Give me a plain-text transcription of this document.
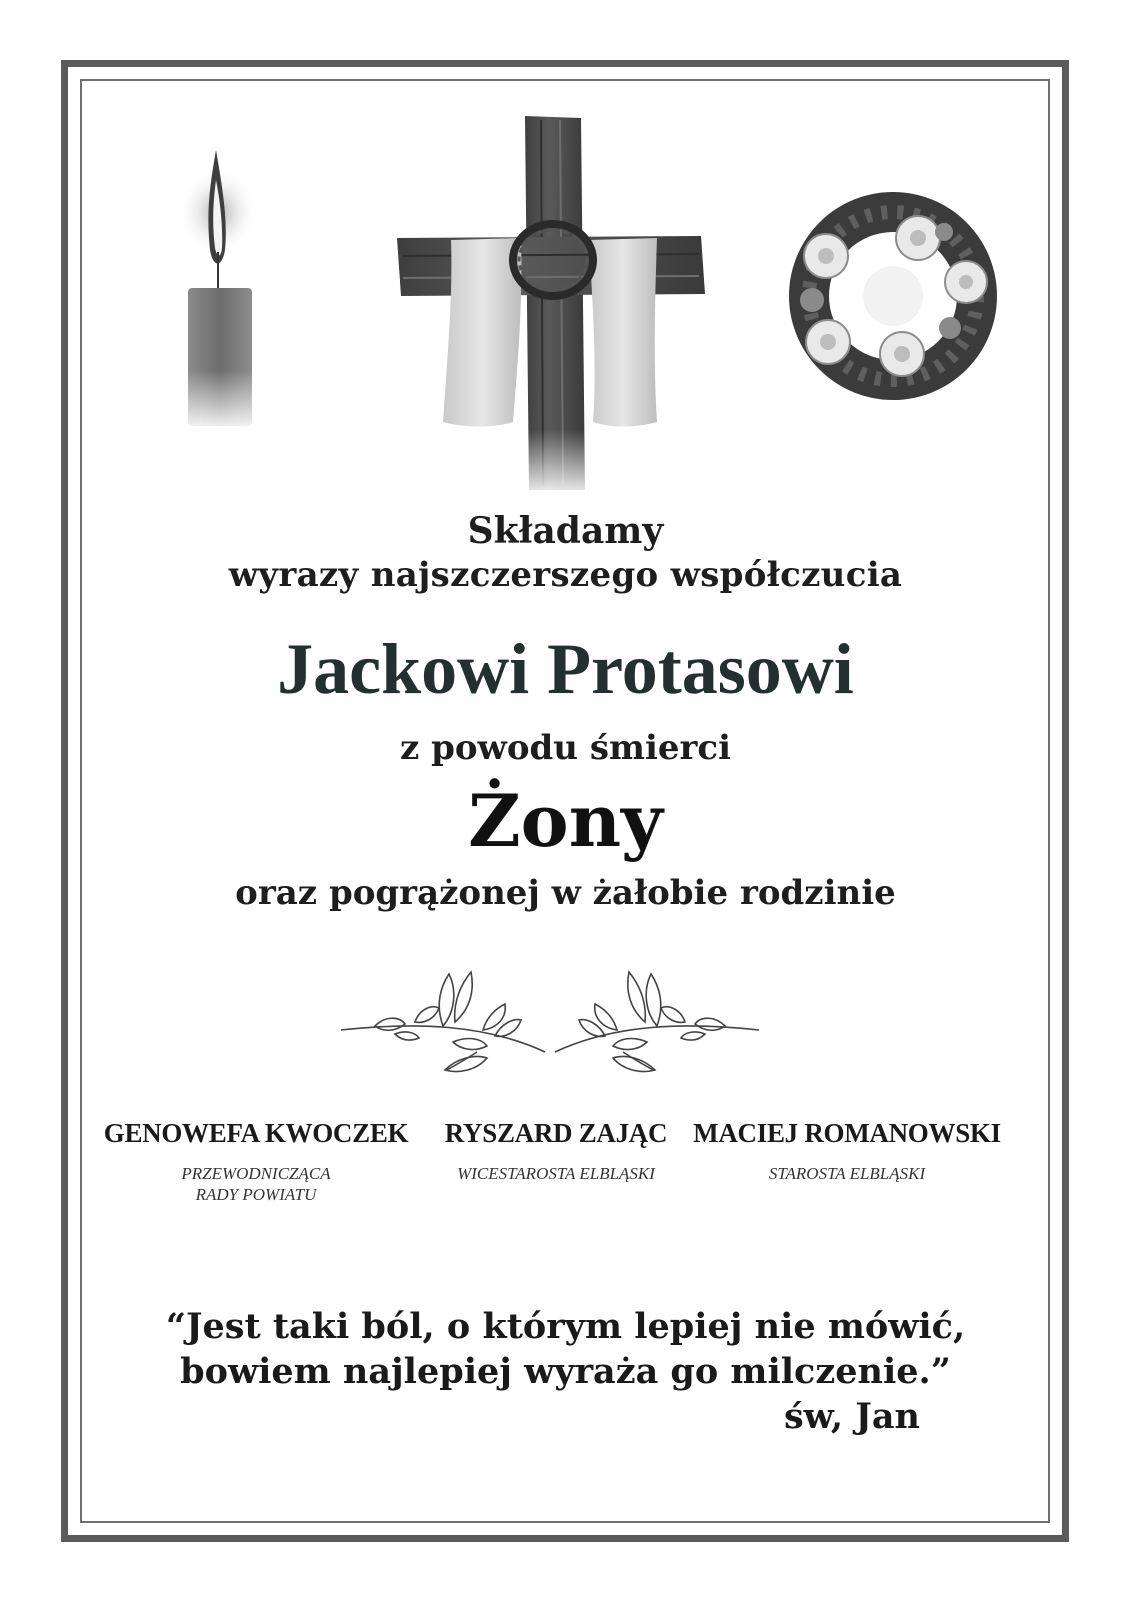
Składamy
wyrazy najszczerszego współczucia
Jackowi Protasowi
z powodu śmierci
Żony
oraz pogrążonej w żałobie rodzinie
GENOWEFA KWOCZEK
PRZEWODNICZĄCA
RADY POWIATU
RYSZARD ZAJĄC
WICESTAROSTA ELBLĄSKI
MACIEJ ROMANOWSKI
STAROSTA ELBLĄSKI
“Jest taki ból, o którym lepiej nie mówić,
bowiem najlepiej wyraża go milczenie.”
św, Jan
